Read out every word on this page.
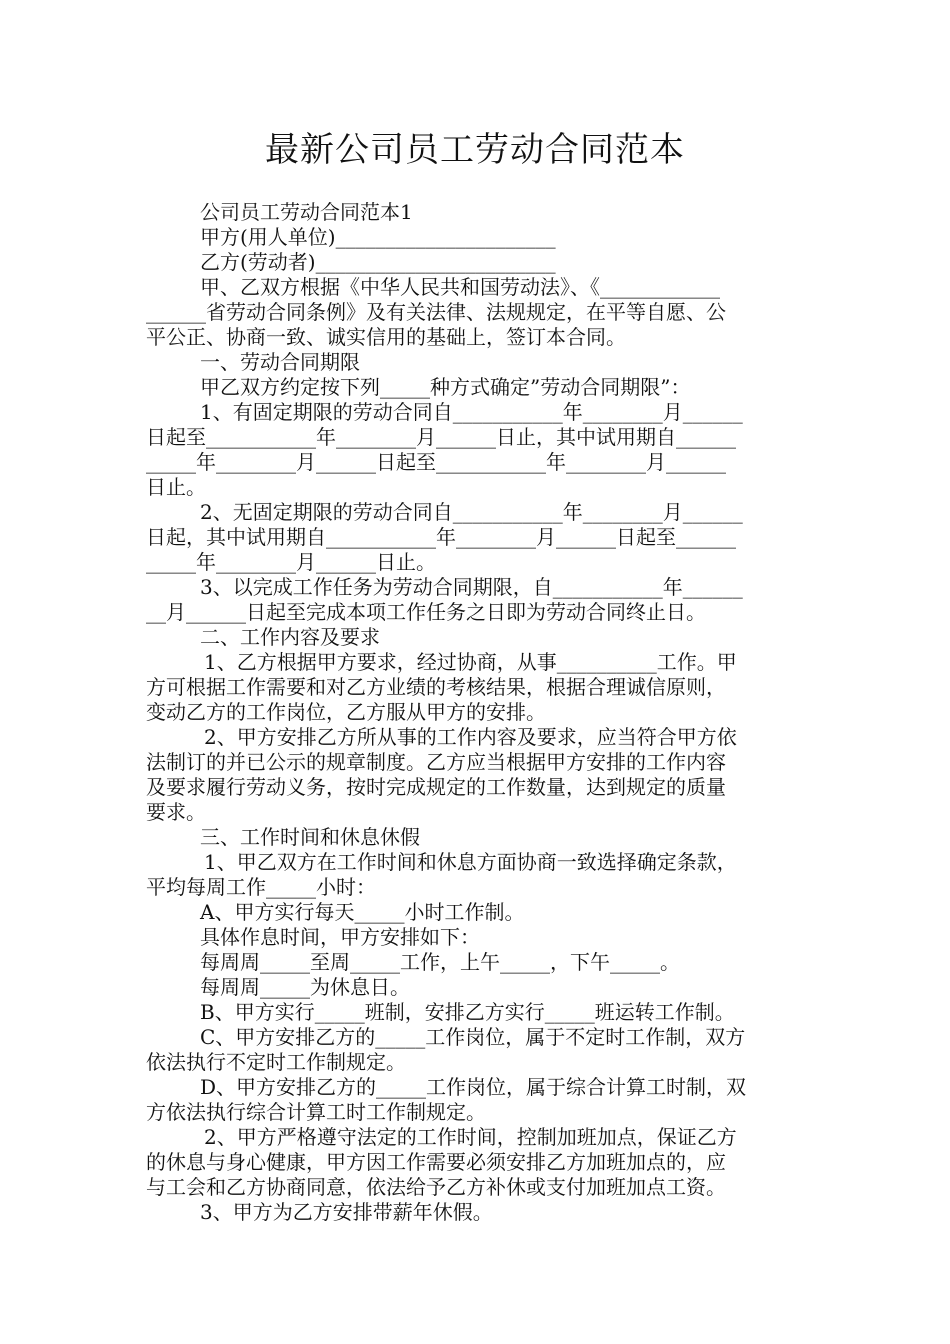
最新公司员工劳动合同范本
公司员工劳动合同范本1
甲方(用人单位)______________________
乙方(劳动者)________________________
甲、乙双方根据《中华人民共和国劳动法》、《____________
______省劳动合同条例》及有关法律、法规规定，在平等自愿、公
平公正、协商一致、诚实信用的基础上，签订本合同。
一、劳动合同期限
甲乙双方约定按下列_____种方式确定”劳动合同期限”：
1、有固定期限的劳动合同自___________年________月______
日起至___________年________月______日止，其中试用期自______
_____年________月______日起至___________年________月______
日止。
2、无固定期限的劳动合同自___________年________月______
日起，其中试用期自___________年________月______日起至______
_____年________月______日止。
3、以完成工作任务为劳动合同期限，自___________年______
__月______日起至完成本项工作任务之日即为劳动合同终止日。
二、工作内容及要求
1、乙方根据甲方要求，经过协商，从事__________工作。甲
方可根据工作需要和对乙方业绩的考核结果，根据合理诚信原则，
变动乙方的工作岗位，乙方服从甲方的安排。
2、甲方安排乙方所从事的工作内容及要求，应当符合甲方依
法制订的并已公示的规章制度。乙方应当根据甲方安排的工作内容
及要求履行劳动义务，按时完成规定的工作数量，达到规定的质量
要求。
三、工作时间和休息休假
1、甲乙双方在工作时间和休息方面协商一致选择确定条款，
平均每周工作_____小时：
A、甲方实行每天_____小时工作制。
具体作息时间，甲方安排如下：
每周周_____至周_____工作，上午_____，下午_____。
每周周_____为休息日。
B、甲方实行_____班制，安排乙方实行_____班运转工作制。
C、甲方安排乙方的_____工作岗位，属于不定时工作制，双方
依法执行不定时工作制规定。
D、甲方安排乙方的_____工作岗位，属于综合计算工时制，双
方依法执行综合计算工时工作制规定。
2、甲方严格遵守法定的工作时间，控制加班加点，保证乙方
的休息与身心健康，甲方因工作需要必须安排乙方加班加点的，应
与工会和乙方协商同意，依法给予乙方补休或支付加班加点工资。
3、甲方为乙方安排带薪年休假。
